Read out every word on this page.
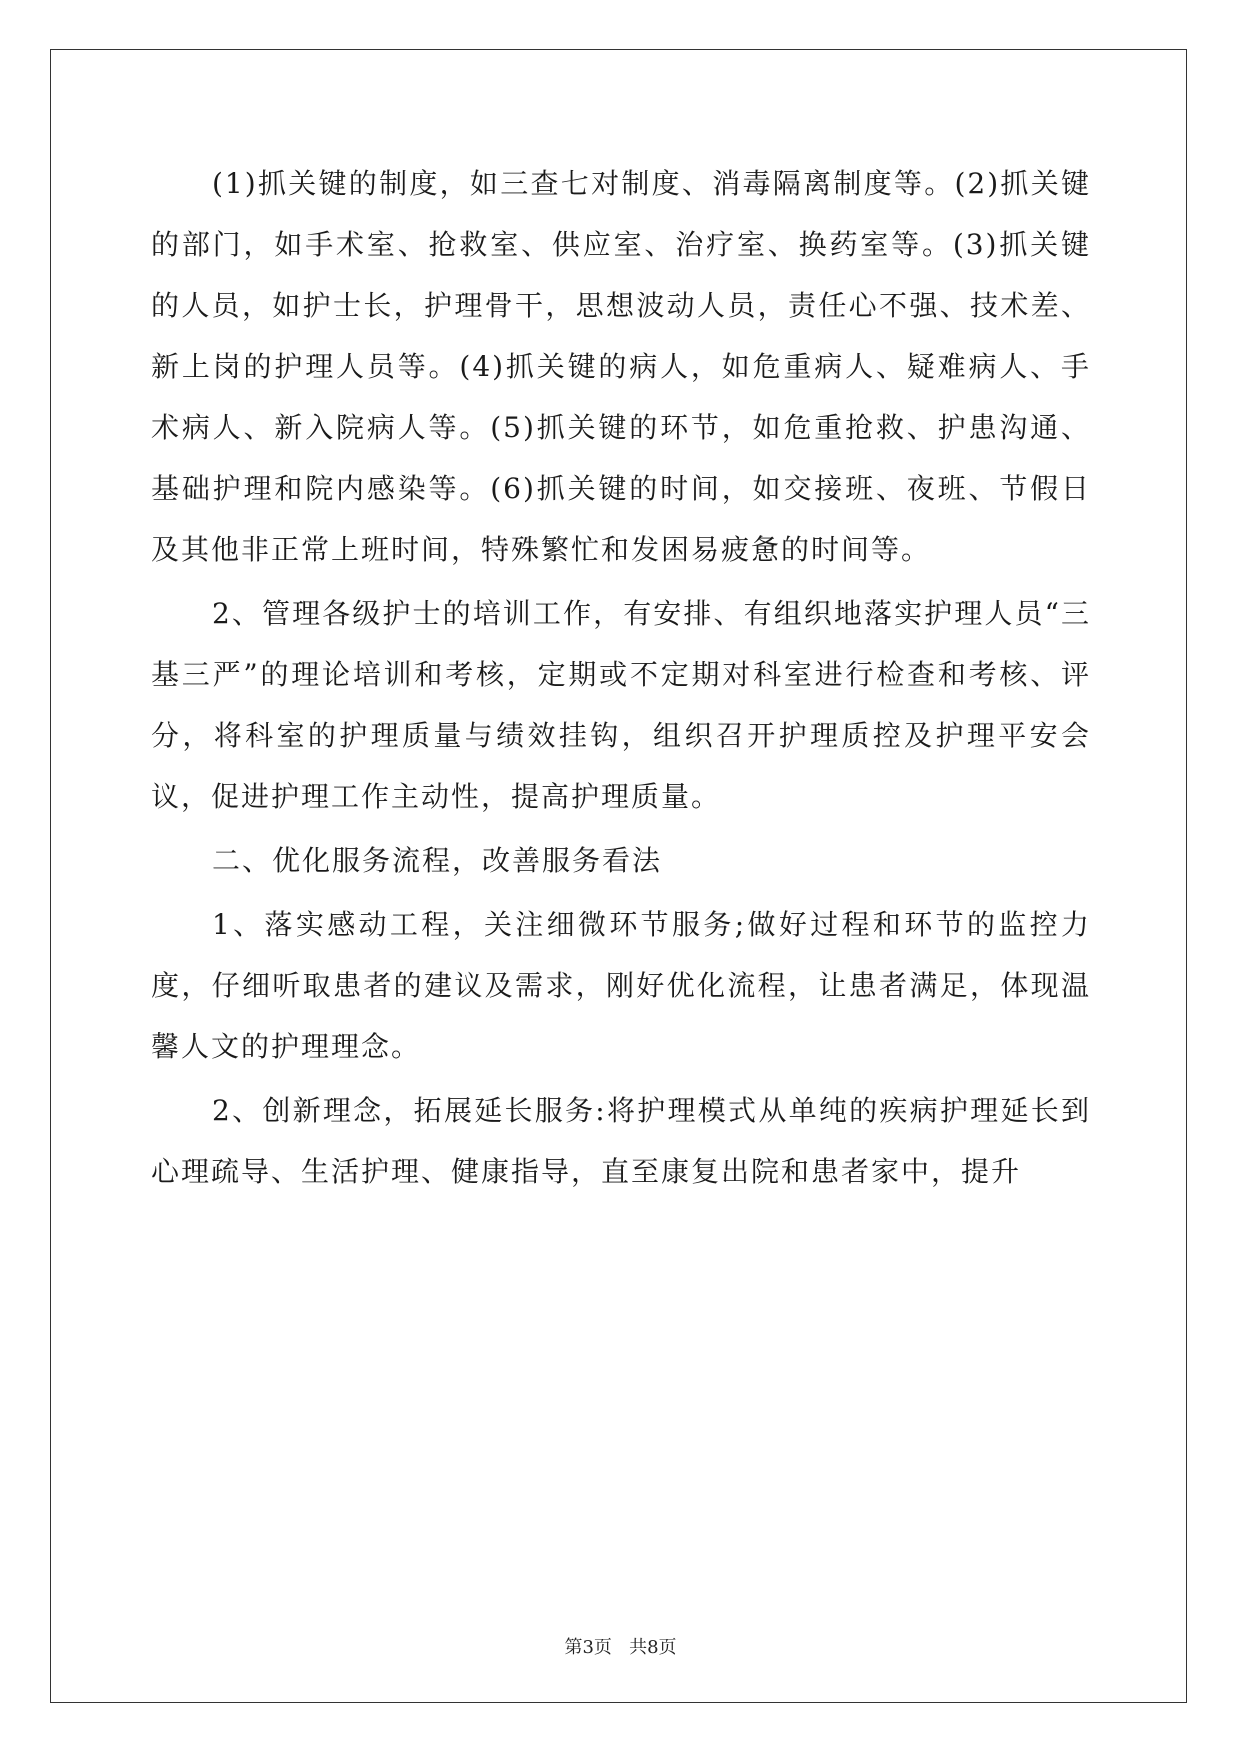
(1)抓关键的制度，如三查七对制度、消毒隔离制度等。(2)抓关键的部门，如手术室、抢救室、供应室、治疗室、换药室等。(3)抓关键的人员，如护士长，护理骨干，思想波动人员，责任心不强、技术差、新上岗的护理人员等。(4)抓关键的病人，如危重病人、疑难病人、手术病人、新入院病人等。(5)抓关键的环节，如危重抢救、护患沟通、基础护理和院内感染等。(6)抓关键的时间，如交接班、夜班、节假日及其他非正常上班时间，特殊繁忙和发困易疲惫的时间等。

2、管理各级护士的培训工作，有安排、有组织地落实护理人员“三基三严”的理论培训和考核，定期或不定期对科室进行检查和考核、评分，将科室的护理质量与绩效挂钩，组织召开护理质控及护理平安会议，促进护理工作主动性，提高护理质量。

二、优化服务流程，改善服务看法

1、落实感动工程，关注细微环节服务;做好过程和环节的监控力度，仔细听取患者的建议及需求，刚好优化流程，让患者满足，体现温馨人文的护理理念。

2、创新理念，拓展延长服务:将护理模式从单纯的疾病护理延长到心理疏导、生活护理、健康指导，直至康复出院和患者家中，提升

第3页   共8页
